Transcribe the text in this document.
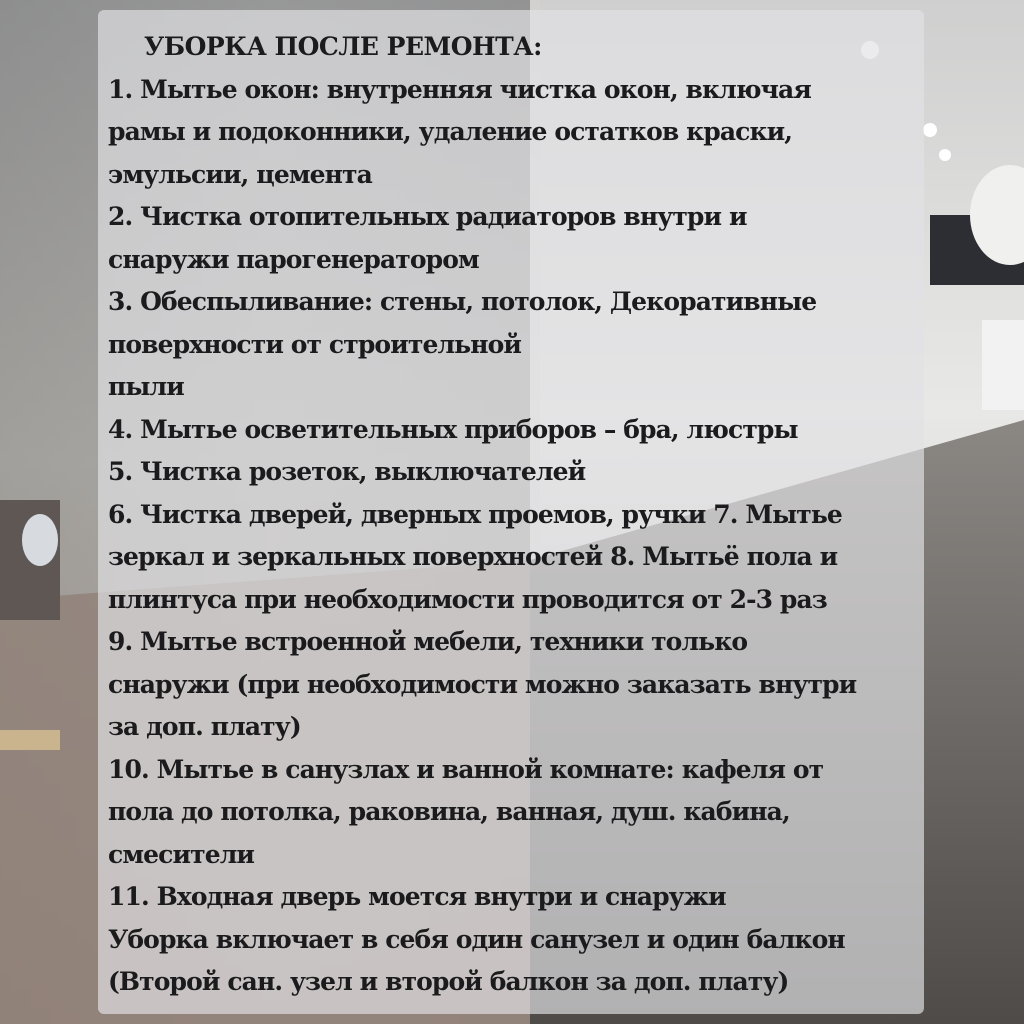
УБОРКА ПОСЛЕ РЕМОНТА:
1. Мытье окон: внутренняя чистка окон, включая
рамы и подоконники, удаление остатков краски,
эмульсии, цемента
2. Чистка отопительных радиаторов внутри и
снаружи парогенератором
3. Обеспыливание: стены, потолок, Декоративные
поверхности от строительной
пыли
4. Мытье осветительных приборов – бра, люстры
5. Чистка розеток, выключателей
6. Чистка дверей, дверных проемов, ручки 7. Мытье
зеркал и зеркальных поверхностей 8. Мытьё пола и
плинтуса при необходимости проводится от 2-3 раз
9. Мытье встроенной мебели, техники только
снаружи (при необходимости можно заказать внутри
за доп. плату)
10. Мытье в санузлах и ванной комнате: кафеля от
пола до потолка, раковина, ванная, душ. кабина,
смесители
11. Входная дверь моется внутри и снаружи
Уборка включает в себя один санузел и один балкон
(Второй сан. узел и второй балкон за доп. плату)
